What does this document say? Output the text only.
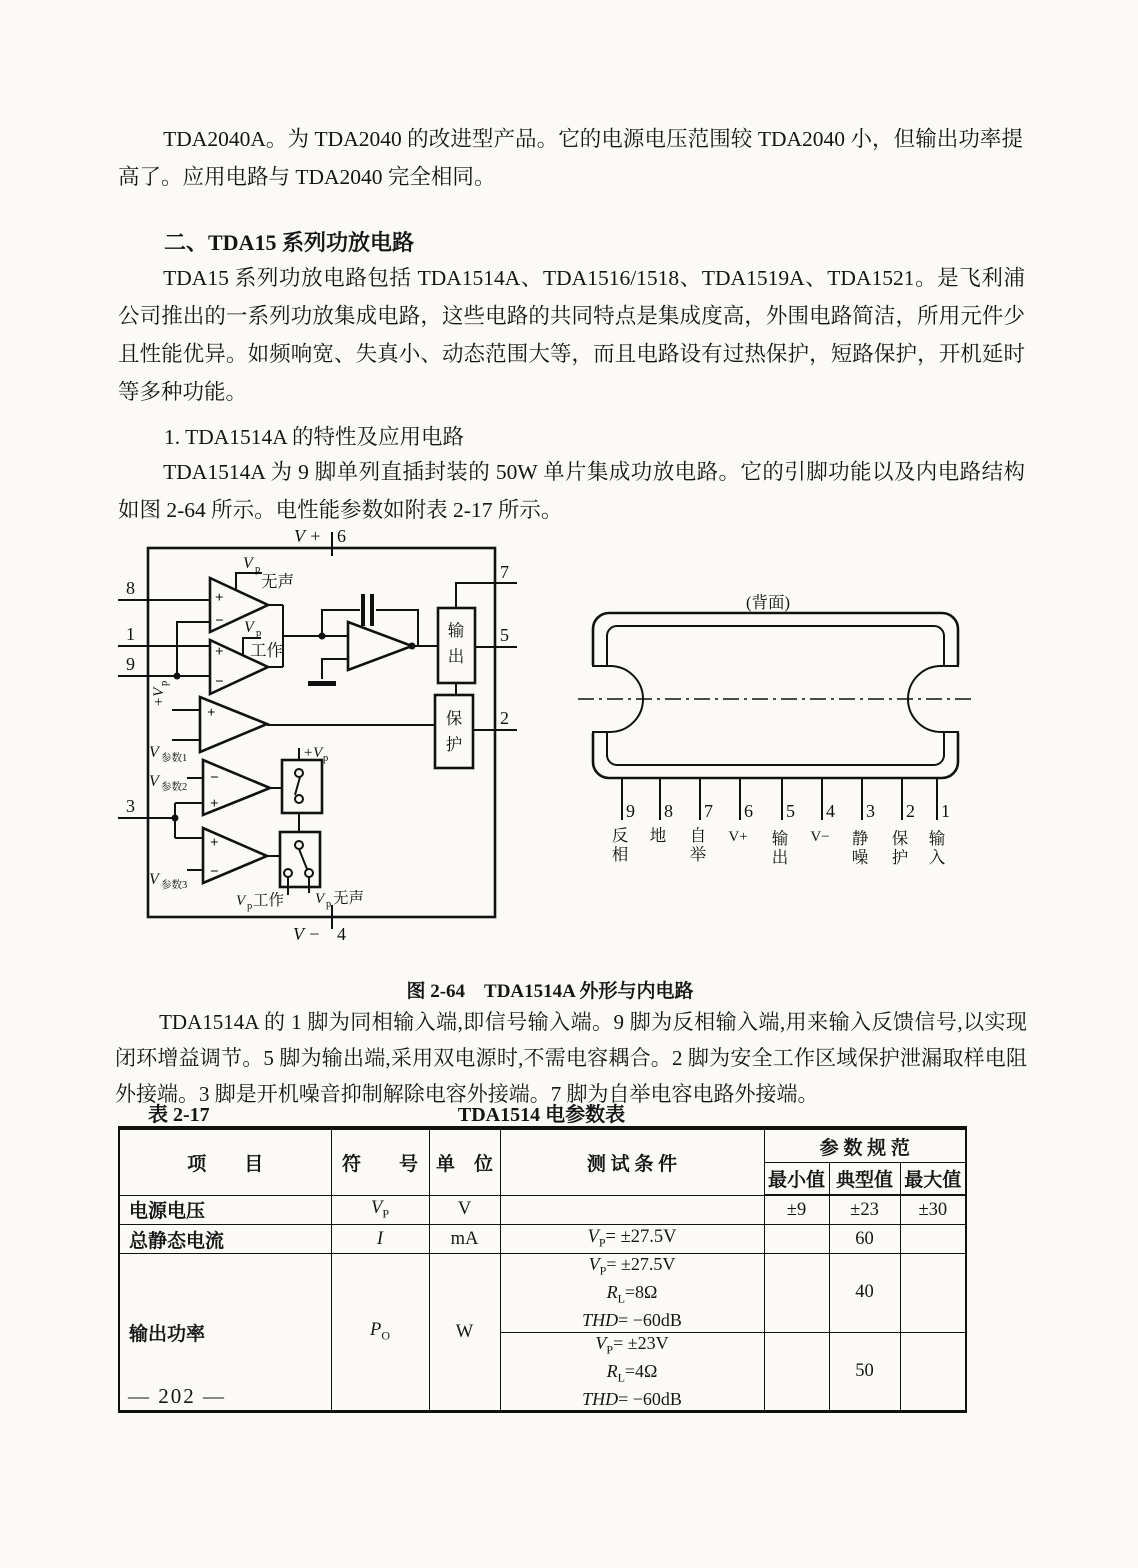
TDA2040A。为 TDA2040 的改进型产品。它的电源电压范围较 TDA2040 小，但输出功率提高了。应用电路与 TDA2040 完全相同。
二、TDA15 系列功放电路
TDA15 系列功放电路包括 TDA1514A、TDA1516/1518、TDA1519A、TDA1521。是飞利浦公司推出的一系列功放集成电路，这些电路的共同特点是集成度高，外围电路简洁，所用元件少且性能优异。如频响宽、失真小、动态范围大等，而且电路设有过热保护，短路保护，开机延时等多种功能。
1. TDA1514A 的特性及应用电路
TDA1514A 为 9 脚单列直插封装的 50W 单片集成功放电路。它的引脚功能以及内电路结构如图 2-64 所示。电性能参数如附表 2-17 所示。
V + 6
8
1
9
3
7
5
2
V − 4
V p
无声
V p
工作
+V
p
V 参数1
V 参数2
V 参数3
+V p
V p 工作 V p 无声
输
出
保
护
+
−
+
−
+
−
+
+
−
(背面)
9 8 7 6 5 4 3 2 1
反
相
地 自
举
V+ 输
出
V− 静
噪
保
护
输
入
图 2-64　TDA1514A 外形与内电路
TDA1514A 的 1 脚为同相输入端,即信号输入端。9 脚为反相输入端,用来输入反馈信号,以实现闭环增益调节。5 脚为输出端,采用双电源时,不需电容耦合。2 脚为安全工作区域保护泄漏取样电阻外接端。3 脚是开机噪音抑制解除电容外接端。7 脚为自举电容电路外接端。
表 2-17	TDA1514 电参数表
项　　目	符　　号	单　位	测 试 条 件	参 数 规 范		
				最小值	典型值	最大值
电源电压	$V_P$	V		±9	±23	±30
总静态电流	I	mA	$V_P= \pm 27.5V$		60	
输出功率	$P_O$	W	$V_P= \pm 27.5V$
$R_L=8\Omega$
THD= −60dB		40	

			$V_P= \pm 23V$
$R_L=4\Omega$
THD= −60dB		50	
— 202 —
